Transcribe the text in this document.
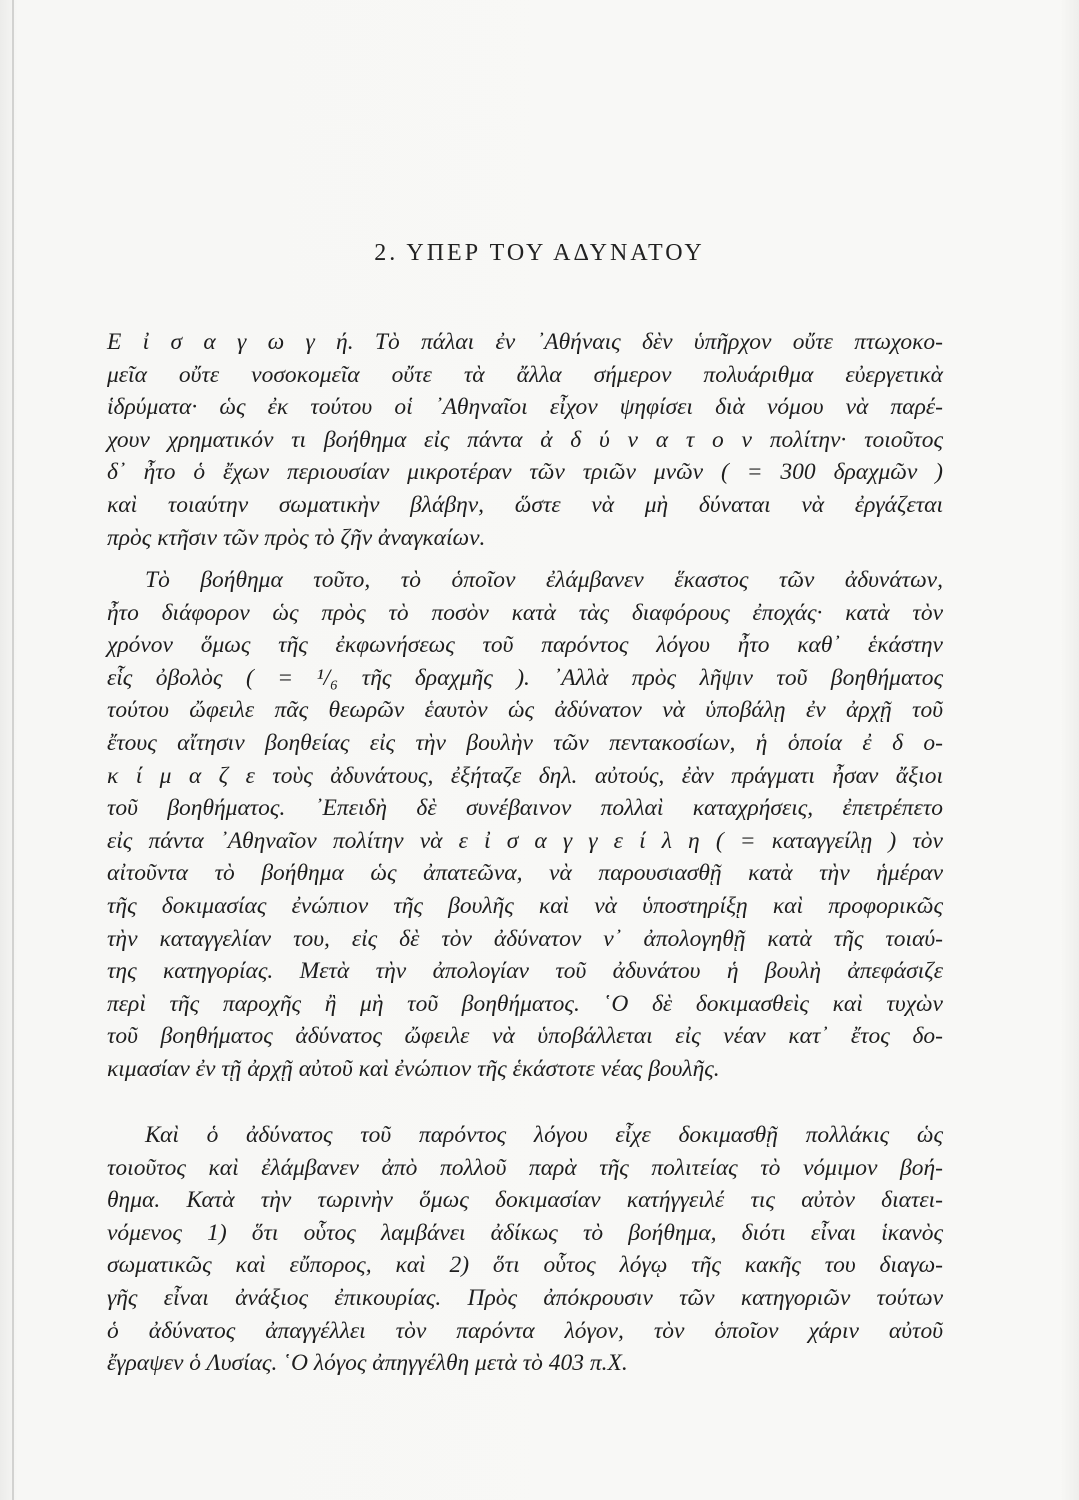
2. ΥΠΕΡ ΤΟΥ ΑΔΥΝΑΤΟΥ
Ε ἰ σ α γ ω γ ή. Τὸ πάλαι ἐν ᾿Αθήναις δὲν ὑπῆρχον οὔτε πτωχοκο-
μεῖα οὔτε νοσοκομεῖα οὔτε τὰ ἄλλα σήμερον πολυάριθμα εὐεργετικὰ
ἱδρύματα· ὡς ἐκ τούτου οἱ ᾿Αθηναῖοι εἶχον ψηφίσει διὰ νόμου νὰ παρέ-
χουν χρηματικόν τι βοήθημα εἰς πάντα ἀ δ ύ ν α τ ο ν πολίτην· τοιοῦτος
δ᾿ ἦτο ὁ ἔχων περιουσίαν μικροτέραν τῶν τριῶν μνῶν ( = 300 δραχμῶν )
καὶ τοιαύτην σωματικὴν βλάβην, ὥστε νὰ μὴ δύναται νὰ ἐργάζεται
πρὸς κτῆσιν τῶν πρὸς τὸ ζῆν ἀναγκαίων.
Τὸ βοήθημα τοῦτο, τὸ ὁποῖον ἐλάμβανεν ἕκαστος τῶν ἀδυνάτων,
ἦτο διάφορον ὡς πρὸς τὸ ποσὸν κατὰ τὰς διαφόρους ἐποχάς· κατὰ τὸν
χρόνον ὅμως τῆς ἐκφωνήσεως τοῦ παρόντος λόγου ἦτο καθ᾿ ἑκάστην
εἷς ὀβολὸς ( = ¹/₆ τῆς δραχμῆς ). ᾿Αλλὰ πρὸς λῆψιν τοῦ βοηθήματος
τούτου ὤφειλε πᾶς θεωρῶν ἑαυτὸν ὡς ἀδύνατον νὰ ὑποβάλῃ ἐν ἀρχῇ τοῦ
ἔτους αἴτησιν βοηθείας εἰς τὴν βουλὴν τῶν πεντακοσίων, ἡ ὁποία ἐ δ ο-
κ ί μ α ζ ε τοὺς ἀδυνάτους, ἐξήταζε δηλ. αὐτούς, ἐὰν πράγματι ἦσαν ἄξιοι
τοῦ βοηθήματος. ᾿Επειδὴ δὲ συνέβαινον πολλαὶ καταχρήσεις, ἐπετρέπετο
εἰς πάντα ᾿Αθηναῖον πολίτην νὰ ε ἰ σ α γ γ ε ί λ η ( = καταγγείλῃ ) τὸν
αἰτοῦντα τὸ βοήθημα ὡς ἀπατεῶνα, νὰ παρουσιασθῇ κατὰ τὴν ἡμέραν
τῆς δοκιμασίας ἐνώπιον τῆς βουλῆς καὶ νὰ ὑποστηρίξῃ καὶ προφορικῶς
τὴν καταγγελίαν του, εἰς δὲ τὸν ἀδύνατον ν᾿ ἀπολογηθῇ κατὰ τῆς τοιαύ-
της κατηγορίας. Μετὰ τὴν ἀπολογίαν τοῦ ἀδυνάτου ἡ βουλὴ ἀπεφάσιζε
περὶ τῆς παροχῆς ἢ μὴ τοῦ βοηθήματος. ῾Ο δὲ δοκιμασθεὶς καὶ τυχὼν
τοῦ βοηθήματος ἀδύνατος ὤφειλε νὰ ὑποβάλλεται εἰς νέαν κατ᾿ ἔτος δο-
κιμασίαν ἐν τῇ ἀρχῇ αὐτοῦ καὶ ἐνώπιον τῆς ἑκάστοτε νέας βουλῆς.
Καὶ ὁ ἀδύνατος τοῦ παρόντος λόγου εἶχε δοκιμασθῇ πολλάκις ὡς
τοιοῦτος καὶ ἐλάμβανεν ἀπὸ πολλοῦ παρὰ τῆς πολιτείας τὸ νόμιμον βοή-
θημα. Κατὰ τὴν τωρινὴν ὅμως δοκιμασίαν κατήγγειλέ τις αὐτὸν διατει-
νόμενος 1) ὅτι οὗτος λαμβάνει ἀδίκως τὸ βοήθημα, διότι εἶναι ἱκανὸς
σωματικῶς καὶ εὔπορος, καὶ 2) ὅτι οὗτος λόγῳ τῆς κακῆς του διαγω-
γῆς εἶναι ἀνάξιος ἐπικουρίας. Πρὸς ἀπόκρουσιν τῶν κατηγοριῶν τούτων
ὁ ἀδύνατος ἀπαγγέλλει τὸν παρόντα λόγον, τὸν ὁποῖον χάριν αὐτοῦ
ἔγραψεν ὁ Λυσίας. ῾Ο λόγος ἀπηγγέλθη μετὰ τὸ 403 π.Χ.
